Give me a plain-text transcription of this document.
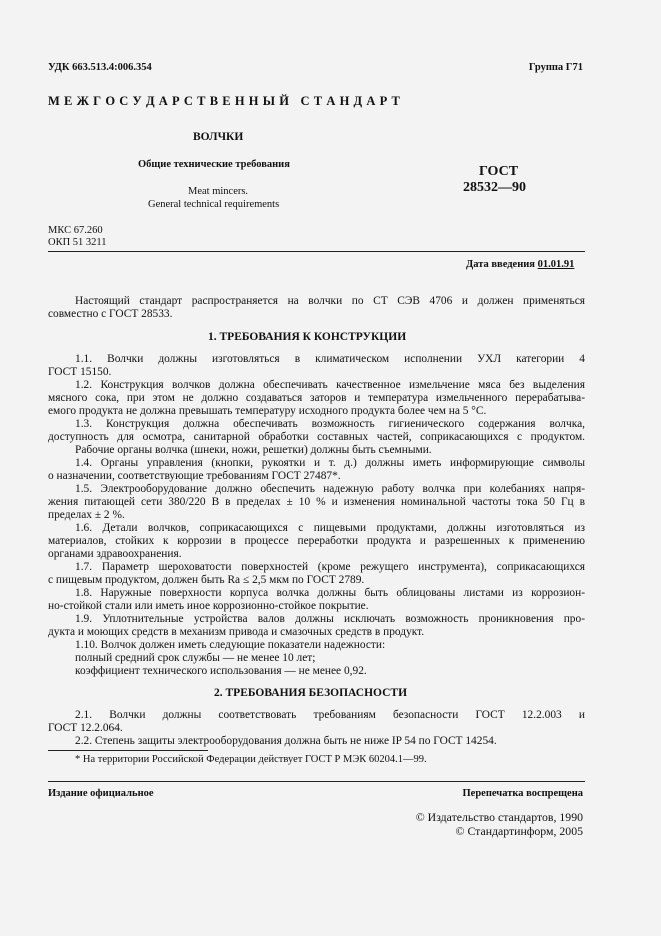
УДК 663.513.4:006.354	Группа Г71
М Е Ж Г О С У Д А Р С Т В Е Н Н Ы Й   С Т А Н Д А Р Т
ВОЛЧКИ
Общие технические требования
Meat mincers.
General technical requirements
ГОСТ
28532—90
МКС 67.260
ОКП 51 3211
Дата введения 01.01.91
Настоящий стандарт распространяется на волчки по СТ СЭВ 4706 и должен применяться
совместно с ГОСТ 28533.
1. ТРЕБОВАНИЯ К КОНСТРУКЦИИ
1.1. Волчки должны изготовляться в климатическом исполнении УХЛ категории 4
ГОСТ 15150.
1.2. Конструкция волчков должна обеспечивать качественное измельчение мяса без выделения
мясного сока, при этом не должно создаваться заторов и температура измельченного перерабатыва-
емого продукта не должна превышать температуру исходного продукта более чем на 5 °С.
1.3. Конструкция должна обеспечивать возможность гигиенического содержания волчка,
доступность для осмотра, санитарной обработки составных частей, соприкасающихся с продуктом.
Рабочие органы волчка (шнеки, ножи, решетки) должны быть съемными.
1.4. Органы управления (кнопки, рукоятки и т. д.) должны иметь информирующие символы
о назначении, соответствующие требованиям ГОСТ 27487*.
1.5. Электрооборудование должно обеспечить надежную работу волчка при колебаниях напря-
жения питающей сети 380/220 В в пределах ± 10 % и изменения номинальной частоты тока 50 Гц в
пределах ± 2 %.
1.6. Детали волчков, соприкасающихся с пищевыми продуктами, должны изготовляться из
материалов, стойких к коррозии в процессе переработки продукта и разрешенных к применению
органами здравоохранения.
1.7. Параметр шероховатости поверхностей (кроме режущего инструмента), соприкасающихся
с пищевым продуктом, должен быть Ra ≤ 2,5 мкм по ГОСТ 2789.
1.8. Наружные поверхности корпуса волчка должны быть облицованы листами из коррозион-
но-стойкой стали или иметь иное коррозионно-стойкое покрытие.
1.9. Уплотнительные устройства валов должны исключать возможность проникновения про-
дукта и моющих средств в механизм привода и смазочных средств в продукт.
1.10. Волчок должен иметь следующие показатели надежности:
полный средний срок службы — не менее 10 лет;
коэффициент технического использования — не менее 0,92.
2. ТРЕБОВАНИЯ БЕЗОПАСНОСТИ
2.1. Волчки должны соответствовать требованиям безопасности ГОСТ 12.2.003 и
ГОСТ 12.2.064.
2.2. Степень защиты электрооборудования должна быть не ниже IP 54 по ГОСТ 14254.
* На территории Российской Федерации действует ГОСТ Р МЭК 60204.1—99.
Издание официальное	Перепечатка воспрещена
© Издательство стандартов, 1990
© Стандартинформ, 2005
